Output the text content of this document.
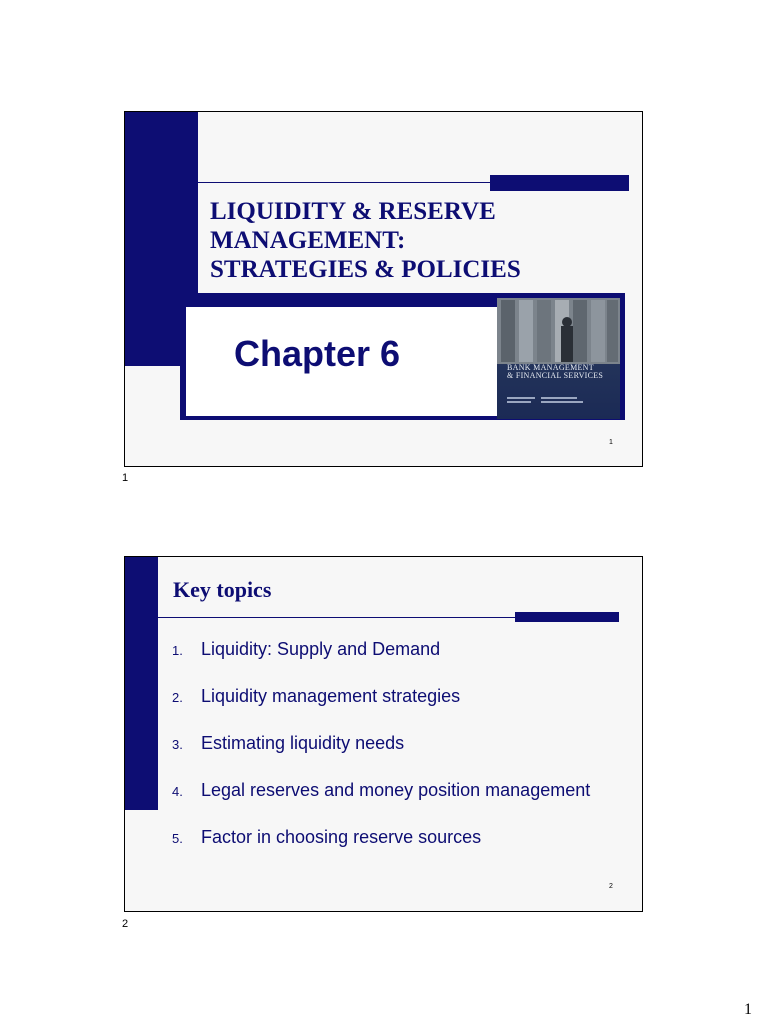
LIQUIDITY & RESERVE
MANAGEMENT:
STRATEGIES & POLICIES

Chapter 6	BANK MANAGEMENT
& FINANCIAL SERVICES

1
1
Key topics
1. Liquidity: Supply and Demand
2. Liquidity management strategies
3. Estimating liquidity needs
4. Legal reserves and money position management
5. Factor in choosing reserve sources
2
2
1
